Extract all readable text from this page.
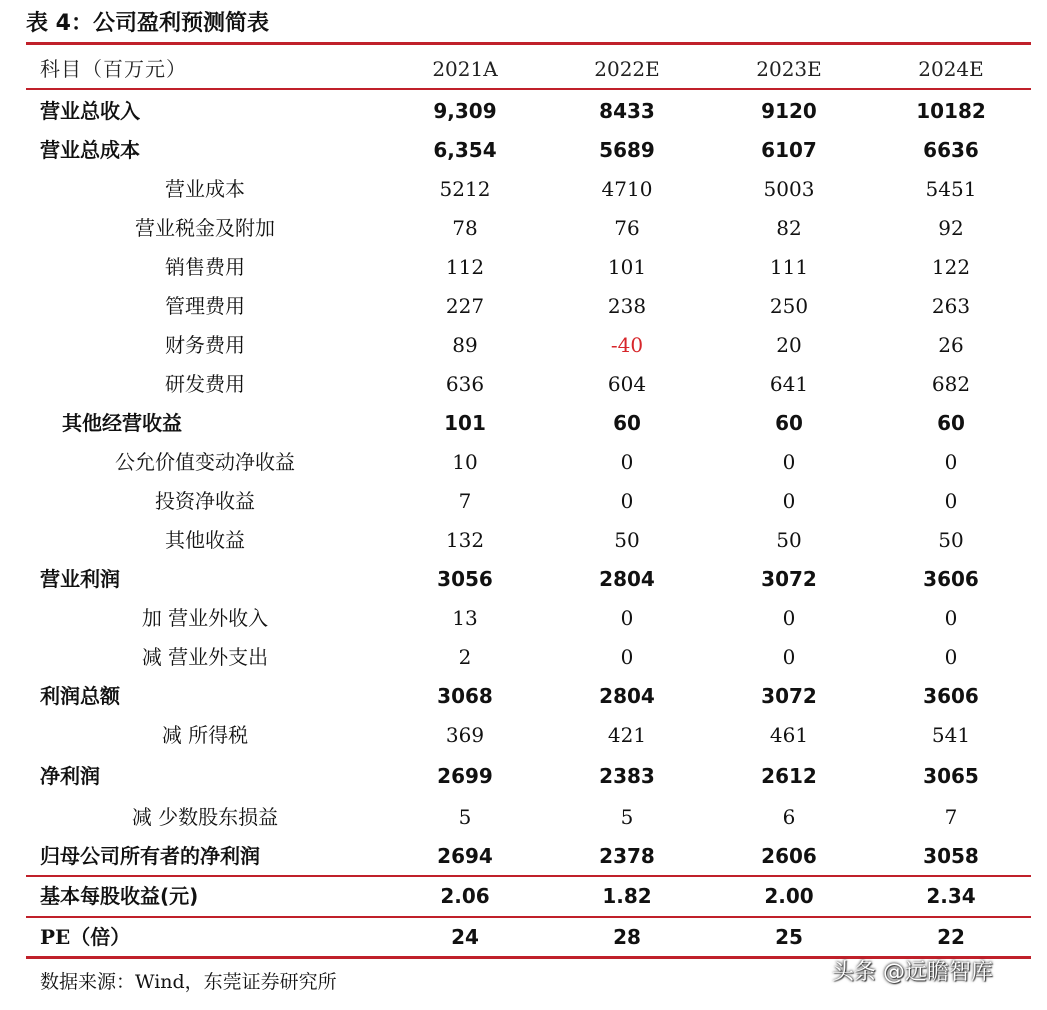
表 4：公司盈利预测简表
科目（百万元）	2021A	2022E	2023E	2024E
营业总收入	9,309	8433	9120	10182
营业总成本	6,354	5689	6107	6636
营业成本	5212	4710	5003	5451
营业税金及附加	78	76	82	92
销售费用	112	101	111	122
管理费用	227	238	250	263
财务费用	89	-40	20	26
研发费用	636	604	641	682
其他经营收益	101	60	60	60
公允价值变动净收益	10	0	0	0
投资净收益	7	0	0	0
其他收益	132	50	50	50
营业利润	3056	2804	3072	3606
加 营业外收入	13	0	0	0
减 营业外支出	2	0	0	0
利润总额	3068	2804	3072	3606
减 所得税	369	421	461	541
净利润	2699	2383	2612	3065
减 少数股东损益	5	5	6	7
归母公司所有者的净利润	2694	2378	2606	3058
基本每股收益(元)	2.06	1.82	2.00	2.34
PE（倍）	24	28	25	22
数据来源：Wind，东莞证券研究所	头条 @远瞻智库
